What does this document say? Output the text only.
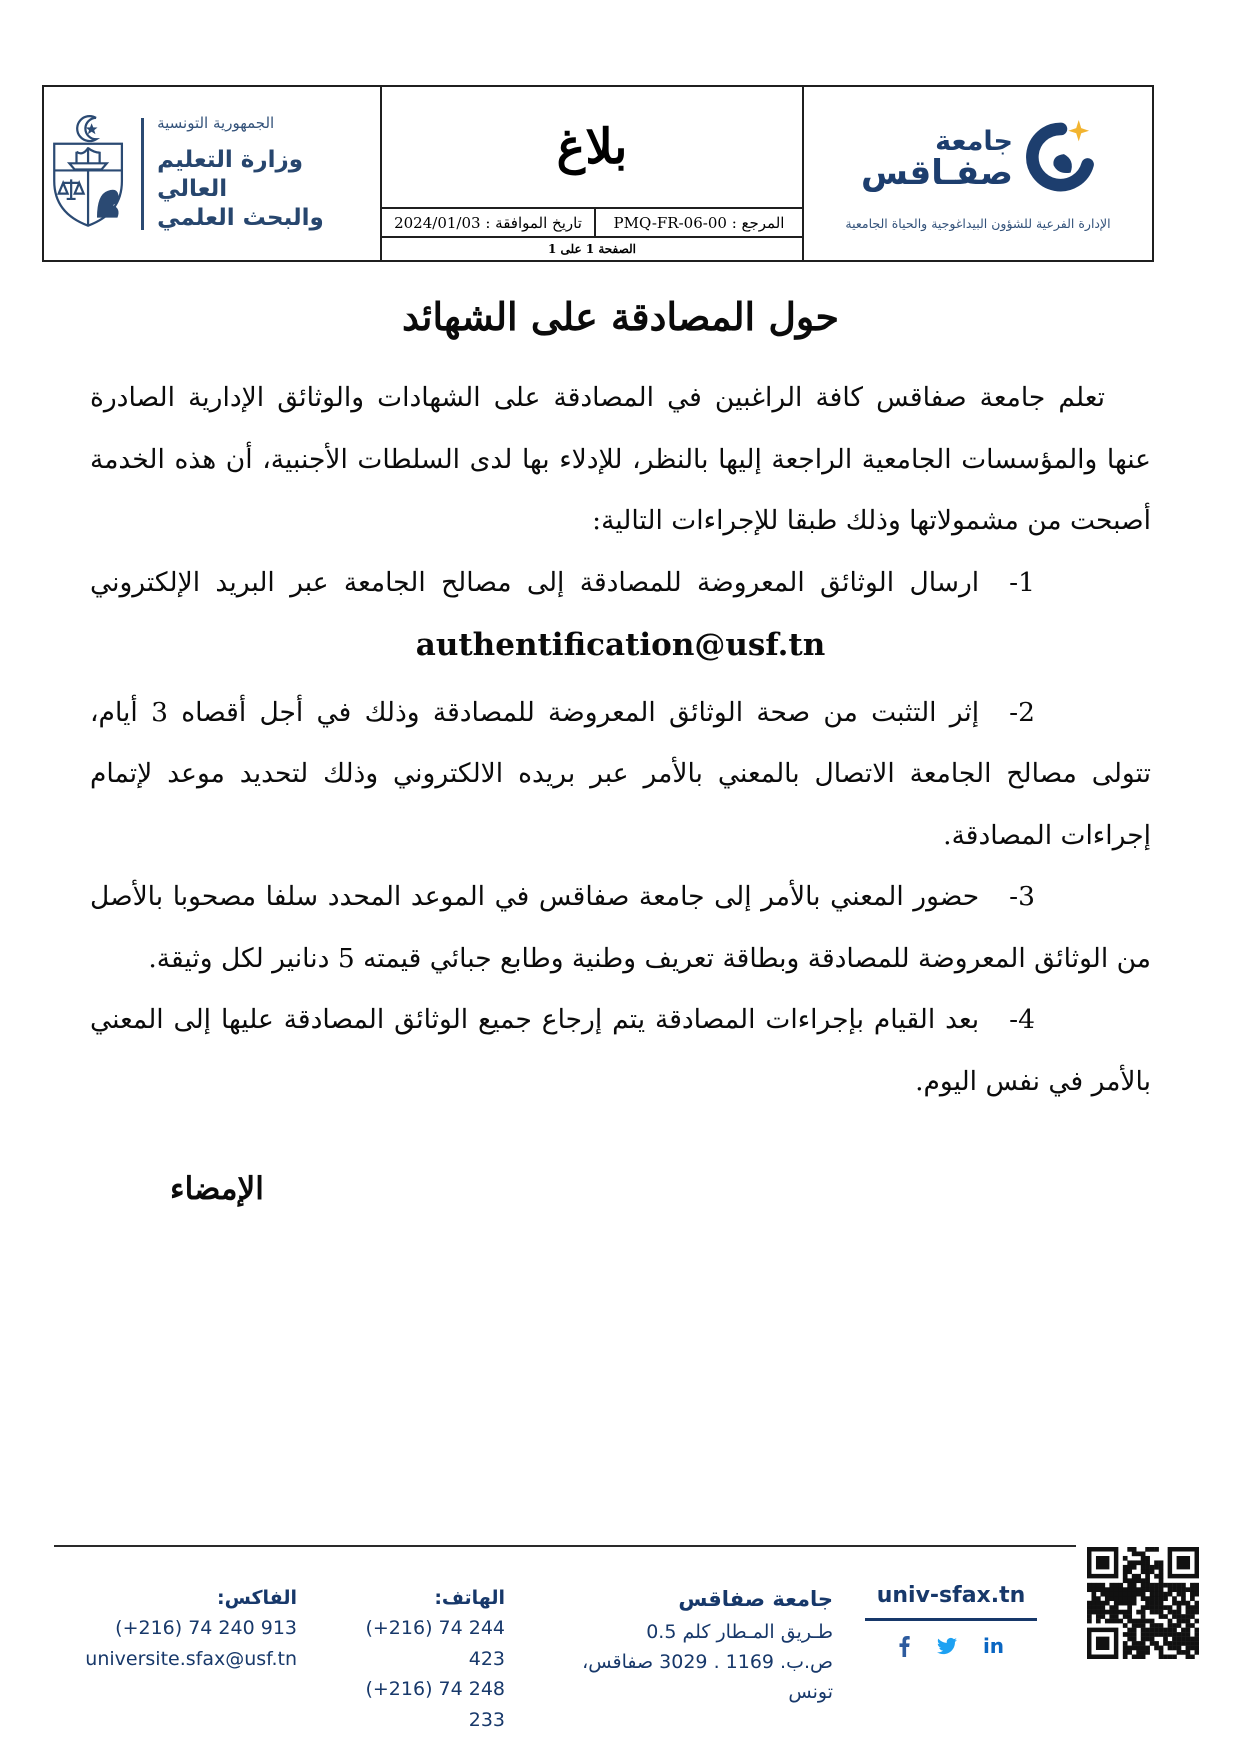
الجمهورية التونسية
وزارة التعليم العالي
والبحث العلمي
بلاغ
المرجع : PMQ-FR-06-00
تاريخ الموافقة : 2024/01/03
الصفحة 1 على 1
جامعة
صفـاقس
الإدارة الفرعية للشؤون البيداغوجية والحياة الجامعية
حول المصادقة على الشهائد

تعلم جامعة صفاقس كافة الراغبين في المصادقة على الشهادات والوثائق الإدارية الصادرة عنها والمؤسسات الجامعية الراجعة إليها بالنظر، للإدلاء بها لدى السلطات الأجنبية، أن هذه الخدمة أصبحت من مشمولاتها وذلك طبقا للإجراءات التالية:

1-ارسال الوثائق المعروضة للمصادقة إلى مصالح الجامعة عبر البريد الإلكتروني

authentification@usf.tn

2-إثر التثبت من صحة الوثائق المعروضة للمصادقة وذلك في أجل أقصاه 3 أيام، تتولى مصالح الجامعة الاتصال بالمعني بالأمر عبر بريده الالكتروني وذلك لتحديد موعد لإتمام إجراءات المصادقة.

3-حضور المعني بالأمر إلى جامعة صفاقس في الموعد المحدد سلفا مصحوبا بالأصل من الوثائق المعروضة للمصادقة وبطاقة تعريف وطنية وطابع جبائي قيمته 5 دنانير لكل وثيقة.

4-بعد القيام بإجراءات المصادقة يتم إرجاع جميع الوثائق المصادقة عليها إلى المعني بالأمر في نفس اليوم.

الإمضاء
univ-sfax.tn
in
جامعة صفاقس
طـريق المـطار كلم 0.5
ص.ب. 1169 . 3029 صفاقس، تونس
الهاتف:
(+216) 74 244 423
(+216) 74 248 233
الفاكس:
(+216) 74 240 913
universite.sfax@usf.tn
